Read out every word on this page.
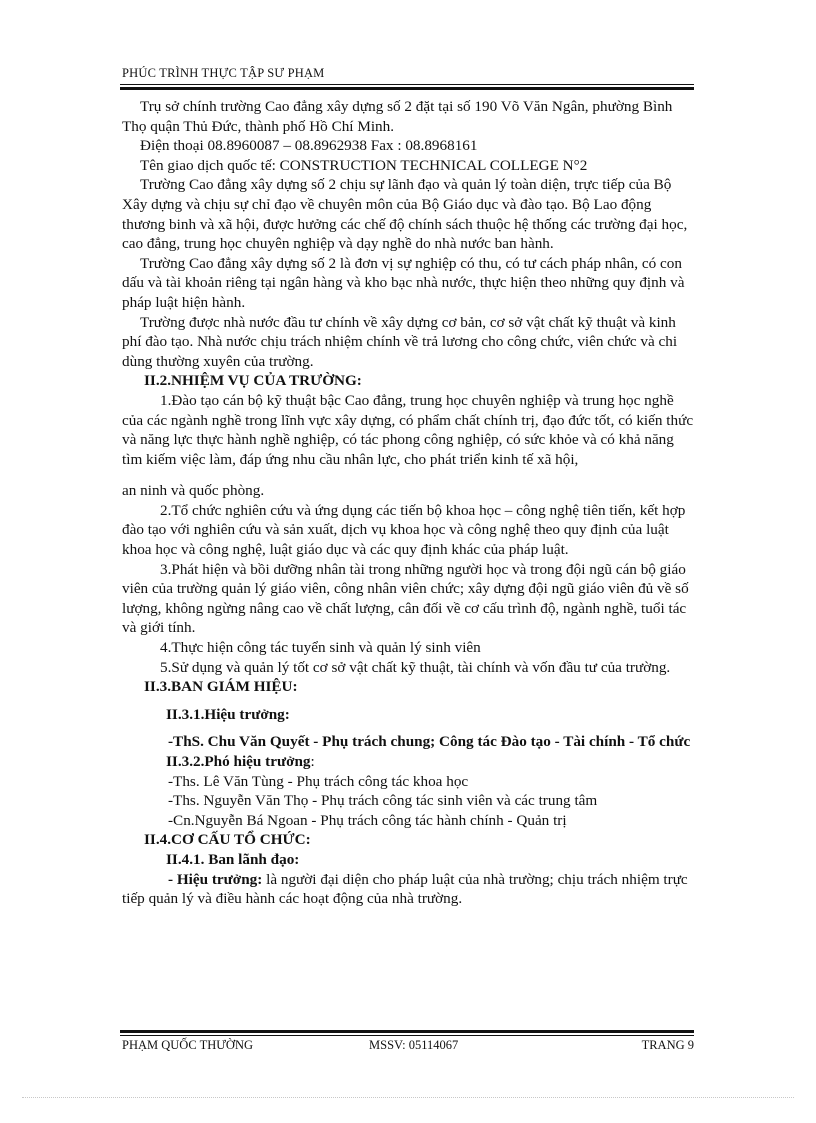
PHÚC TRÌNH THỰC TẬP SƯ PHẠM

Trụ sở chính trường Cao đẳng xây dựng số 2 đặt tại số 190 Võ Văn Ngân, phường Bình Thọ quận Thủ Đức, thành phố Hồ Chí Minh.

Điện thoại 08.8960087 – 08.8962938 Fax : 08.8968161

Tên giao dịch quốc tế: CONSTRUCTION TECHNICAL COLLEGE N°2

Trường Cao đẳng xây dựng số 2 chịu sự lãnh đạo và quản lý toàn diện, trực tiếp của Bộ Xây dựng và chịu sự chỉ đạo về chuyên môn của Bộ Giáo dục và đào tạo. Bộ Lao động thương binh và xã hội, được hưởng các chế độ chính sách thuộc hệ thống các trường đại học, cao đẳng, trung học chuyên nghiệp và dạy nghề do nhà nước ban hành.

Trường Cao đẳng xây dựng số 2 là đơn vị sự nghiệp có thu, có tư cách pháp nhân, có con dấu và tài khoản riêng tại ngân hàng và kho bạc nhà nước, thực hiện theo những quy định và pháp luật hiện hành.

Trường được nhà nước đầu tư chính về xây dựng cơ bản, cơ sở vật chất kỹ thuật và kinh phí đào tạo. Nhà nước chịu trách nhiệm chính về trả lương cho công chức, viên chức và chi dùng thường xuyên của trường.

II.2.NHIỆM VỤ CỦA TRƯỜNG:

1.Đào tạo cán bộ kỹ thuật bậc Cao đẳng, trung học chuyên nghiệp và trung học nghề của các ngành nghề trong lĩnh vực xây dựng, có phẩm chất chính trị, đạo đức tốt, có kiến thức và năng lực thực hành nghề nghiệp, có tác phong công nghiệp, có sức khỏe và có khả năng tìm kiếm việc làm, đáp ứng nhu cầu nhân lực, cho phát triển kinh tế xã hội,

an ninh và quốc phòng.

2.Tổ chức nghiên cứu và ứng dụng các tiến bộ khoa học – công nghệ tiên tiến, kết hợp đào tạo với nghiên cứu và sản xuất, dịch vụ khoa học và công nghệ theo quy định của luật khoa học và công nghệ, luật giáo dục và các quy định khác của pháp luật.

3.Phát hiện và bồi dưỡng nhân tài trong những người học và trong đội ngũ cán bộ giáo viên của trường quản lý giáo viên, công nhân viên chức; xây dựng đội ngũ giáo viên đủ về số lượng, không ngừng nâng cao về chất lượng, cân đối về cơ cấu trình độ, ngành nghề, tuổi tác và giới tính.

4.Thực hiện công tác tuyển sinh và quản lý sinh viên

5.Sử dụng và quản lý tốt cơ sở vật chất kỹ thuật, tài chính và vốn đầu tư của trường.

II.3.BAN GIÁM HIỆU:

II.3.1.Hiệu trưởng:

-ThS. Chu Văn Quyết - Phụ trách chung; Công tác Đào tạo - Tài chính - Tổ chức

II.3.2.Phó hiệu trưởng:

-Ths. Lê Văn Tùng - Phụ trách công tác khoa học

-Ths. Nguyễn Văn Thọ - Phụ trách công tác sinh viên và các trung tâm

-Cn.Nguyễn Bá Ngoan - Phụ trách công tác hành chính - Quản trị

II.4.CƠ CẤU TỔ CHỨC:

II.4.1. Ban lãnh đạo:

- Hiệu trưởng: là người đại diện cho pháp luật của nhà trường; chịu trách nhiệm trực tiếp quản lý và điều hành các hoạt động của nhà trường.

PHẠM QUỐC THƯỜNG	MSSV: 05114067	TRANG 9
